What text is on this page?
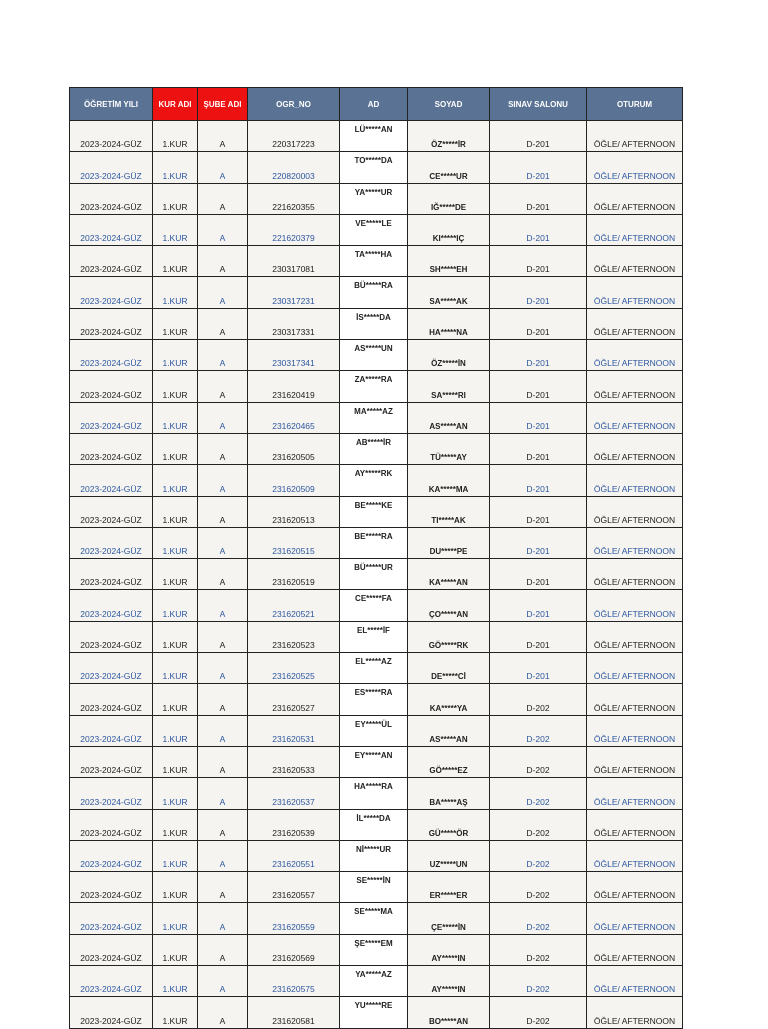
ÖĞRETİM YILI	KUR ADI	ŞUBE ADI	OGR_NO	AD	SOYAD	SINAV SALONU	OTURUM
2023-2024-GÜZ	1.KUR	A	220317223	LÜ*****AN	ÖZ*****İR	D-201	ÖĞLE/ AFTERNOON
2023-2024-GÜZ	1.KUR	A	220820003	TO*****DA	CE*****UR	D-201	ÖĞLE/ AFTERNOON
2023-2024-GÜZ	1.KUR	A	221620355	YA*****UR	IĞ*****DE	D-201	ÖĞLE/ AFTERNOON
2023-2024-GÜZ	1.KUR	A	221620379	VE*****LE	KI*****IÇ	D-201	ÖĞLE/ AFTERNOON
2023-2024-GÜZ	1.KUR	A	230317081	TA*****HA	SH*****EH	D-201	ÖĞLE/ AFTERNOON
2023-2024-GÜZ	1.KUR	A	230317231	BÜ*****RA	SA*****AK	D-201	ÖĞLE/ AFTERNOON
2023-2024-GÜZ	1.KUR	A	230317331	İS*****DA	HA*****NA	D-201	ÖĞLE/ AFTERNOON
2023-2024-GÜZ	1.KUR	A	230317341	AS*****UN	ÖZ*****İN	D-201	ÖĞLE/ AFTERNOON
2023-2024-GÜZ	1.KUR	A	231620419	ZA*****RA	SA*****RI	D-201	ÖĞLE/ AFTERNOON
2023-2024-GÜZ	1.KUR	A	231620465	MA*****AZ	AS*****AN	D-201	ÖĞLE/ AFTERNOON
2023-2024-GÜZ	1.KUR	A	231620505	AB*****İR	TÜ*****AY	D-201	ÖĞLE/ AFTERNOON
2023-2024-GÜZ	1.KUR	A	231620509	AY*****RK	KA*****MA	D-201	ÖĞLE/ AFTERNOON
2023-2024-GÜZ	1.KUR	A	231620513	BE*****KE	TI*****AK	D-201	ÖĞLE/ AFTERNOON
2023-2024-GÜZ	1.KUR	A	231620515	BE*****RA	DU*****PE	D-201	ÖĞLE/ AFTERNOON
2023-2024-GÜZ	1.KUR	A	231620519	BÜ*****UR	KA*****AN	D-201	ÖĞLE/ AFTERNOON
2023-2024-GÜZ	1.KUR	A	231620521	CE*****FA	ÇO*****AN	D-201	ÖĞLE/ AFTERNOON
2023-2024-GÜZ	1.KUR	A	231620523	EL*****İF	GÖ*****RK	D-201	ÖĞLE/ AFTERNOON
2023-2024-GÜZ	1.KUR	A	231620525	EL*****AZ	DE*****Cİ	D-201	ÖĞLE/ AFTERNOON
2023-2024-GÜZ	1.KUR	A	231620527	ES*****RA	KA*****YA	D-202	ÖĞLE/ AFTERNOON
2023-2024-GÜZ	1.KUR	A	231620531	EY*****ÜL	AS*****AN	D-202	ÖĞLE/ AFTERNOON
2023-2024-GÜZ	1.KUR	A	231620533	EY*****AN	GÖ*****EZ	D-202	ÖĞLE/ AFTERNOON
2023-2024-GÜZ	1.KUR	A	231620537	HA*****RA	BA*****AŞ	D-202	ÖĞLE/ AFTERNOON
2023-2024-GÜZ	1.KUR	A	231620539	İL*****DA	GÜ*****ÖR	D-202	ÖĞLE/ AFTERNOON
2023-2024-GÜZ	1.KUR	A	231620551	Nİ*****UR	UZ*****UN	D-202	ÖĞLE/ AFTERNOON
2023-2024-GÜZ	1.KUR	A	231620557	SE*****İN	ER*****ER	D-202	ÖĞLE/ AFTERNOON
2023-2024-GÜZ	1.KUR	A	231620559	SE*****MA	ÇE*****İN	D-202	ÖĞLE/ AFTERNOON
2023-2024-GÜZ	1.KUR	A	231620569	ŞE*****EM	AY*****IN	D-202	ÖĞLE/ AFTERNOON
2023-2024-GÜZ	1.KUR	A	231620575	YA*****AZ	AY*****IN	D-202	ÖĞLE/ AFTERNOON
2023-2024-GÜZ	1.KUR	A	231620581	YU*****RE	BO*****AN	D-202	ÖĞLE/ AFTERNOON
